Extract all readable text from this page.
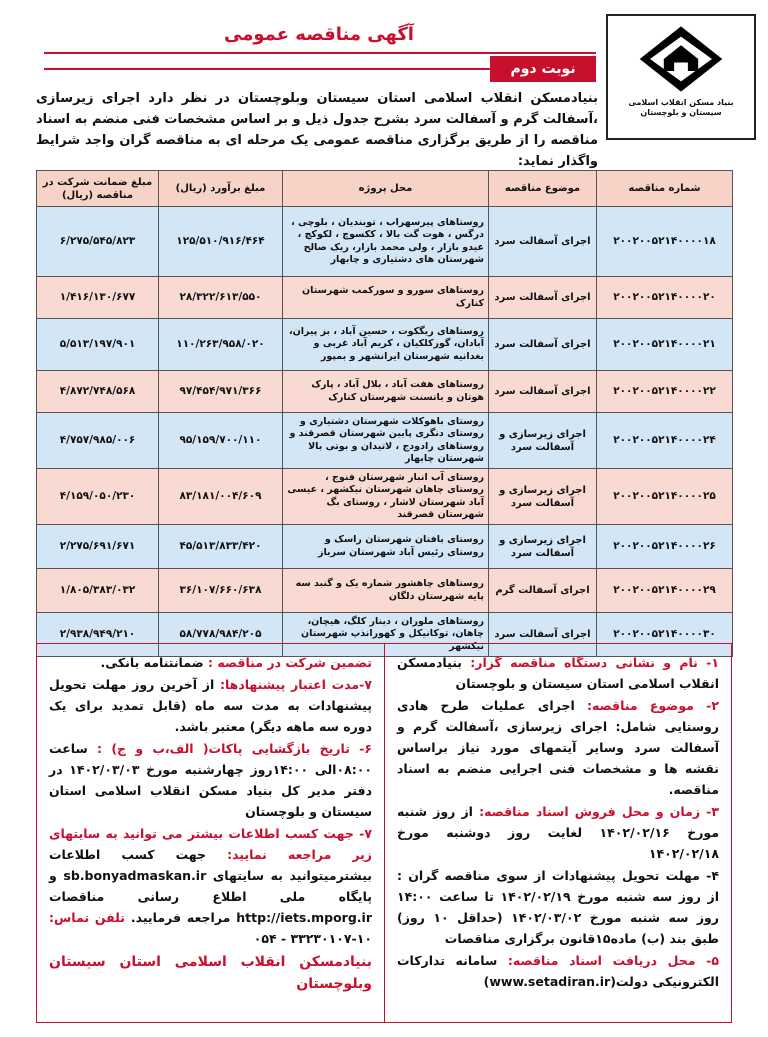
بنیاد مسکن انقلاب اسلامی
سیستان و بلوچستان
آگهی مناقصه عمومی
نوبت دوم
بنیادمسکن انقلاب اسلامی استان سیستان وبلوچستان در نظر دارد اجرای زیرسازی ،آسفالت گرم و آسفالت سرد بشرح جدول ذیل و بر اساس مشخصات فنی منضم به اسناد مناقصه را از طریق برگزاری مناقصه عمومی یک مرحله ای به مناقصه گران واجد شرایط واگذار نماید:
شماره مناقصه	موضوع مناقصه	محل پروژه	مبلغ برآورد (ریال)	مبلغ ضمانت شرکت در مناقصه (ریال)
۲۰۰۲۰۰۵۲۱۴۰۰۰۰۱۸	اجرای آسفالت سرد	روستاهای پیرسهراب ، توبندیان ، بلوچی ، درگس ، هوت گت بالا ، ککسوچ ، لکوکچ ، عیدو بازار ، ولی محمد بازار، ریک صالح شهرستان های دشتیاری و چابهار	۱۲۵/۵۱۰/۹۱۶/۴۶۴	۶/۲۷۵/۵۴۵/۸۲۳
۲۰۰۲۰۰۵۲۱۴۰۰۰۰۲۰	اجرای آسفالت سرد	روستاهای سورو و سورکمب شهرستان کنارک	۲۸/۳۲۲/۶۱۳/۵۵۰	۱/۴۱۶/۱۳۰/۶۷۷
۲۰۰۲۰۰۵۲۱۴۰۰۰۰۲۱	اجرای آسفالت سرد	روستاهای ریگکوت ، حسین آباد ، بز پیران، آبادان، گورکلکیان ، کریم آباد غربی و بغدانیه شهرستان ایرانشهر و بمپور	۱۱۰/۲۶۳/۹۵۸/۰۲۰	۵/۵۱۳/۱۹۷/۹۰۱
۲۰۰۲۰۰۵۲۱۴۰۰۰۰۲۲	اجرای آسفالت سرد	روستاهای هفت آباد ، بلال آباد ، پارک هوتان و باتسنت شهرستان کنارک	۹۷/۴۵۴/۹۷۱/۳۶۶	۴/۸۷۲/۷۴۸/۵۶۸
۲۰۰۲۰۰۵۲۱۴۰۰۰۰۲۴	اجرای زیرسازی و آسفالت سرد	روستای باهوکلات شهرستان دشتیاری و روستای دنگری پایین شهرستان قصرقند و روستاهای رادودج ، لاتیدان و بوتی بالا شهرستان چابهار	۹۵/۱۵۹/۷۰۰/۱۱۰	۴/۷۵۷/۹۸۵/۰۰۶
۲۰۰۲۰۰۵۲۱۴۰۰۰۰۲۵	اجرای زیرسازی و آسفالت سرد	روستای آب انبار شهرستان فنوج ، روستای چاهان شهرستان نیکشهر ، عیسی آباد شهرستان لاشار ، روستای بگ شهرستان قصرقند	۸۳/۱۸۱/۰۰۴/۶۰۹	۴/۱۵۹/۰۵۰/۲۳۰
۲۰۰۲۰۰۵۲۱۴۰۰۰۰۲۶	اجرای زیرسازی و آسفالت سرد	روستای بافتان شهرستان راسک و روستای رئیس آباد شهرستان سرباز	۴۵/۵۱۳/۸۳۳/۴۲۰	۲/۲۷۵/۶۹۱/۶۷۱
۲۰۰۲۰۰۵۲۱۴۰۰۰۰۲۹	اجرای آسفالت گرم	روستاهای چاهشور شماره یک و گنبد سه پایه شهرستان دلگان	۳۶/۱۰۷/۶۶۰/۶۳۸	۱/۸۰۵/۳۸۳/۰۳۲
۲۰۰۲۰۰۵۲۱۴۰۰۰۰۳۰	اجرای آسفالت سرد	روستاهای ملوران ، دینار کلگ، هیچان، چاهان، توکانیکل و کهورانذپ شهرستان نیکشهر	۵۸/۷۷۸/۹۸۴/۲۰۵	۲/۹۳۸/۹۴۹/۲۱۰

۱- نام و نشانی دستگاه مناقصه گزار: بنیادمسکن انقلاب اسلامی استان سیستان و بلوچستان

۲- موضوع مناقصه: اجرای عملیات طرح هادی روستایی شامل: اجرای زیرسازی ،آسفالت گرم و آسفالت سرد وسایر آیتمهای مورد نیاز براساس نقشه ها و مشخصات فنی اجرایی منضم به اسناد مناقصه.

۳- زمان و محل فروش اسناد مناقصه: از روز شنبه مورخ ۱۴۰۲/۰۲/۱۶ لغایت روز دوشنبه مورخ ۱۴۰۲/۰۲/۱۸

۴- مهلت تحویل پیشنهادات از سوی مناقصه گران : از روز سه شنبه مورخ ۱۴۰۲/۰۲/۱۹ تا ساعت ۱۴:۰۰ روز سه شنبه مورخ ۱۴۰۲/۰۳/۰۲ (حداقل ۱۰ روز) طبق بند (ب) ماده۱۵قانون برگزاری مناقصات

۵- محل دریافت اسناد مناقصه: سامانه تدارکات الکترونیکی دولت(www.setadiran.ir)

تضمین شرکت در مناقصه : ضمانتنامه بانکی.

۷-مدت اعتبار پیشنهادها: از آخرین روز مهلت تحویل پیشنهادات به مدت سه ماه (قابل تمدید برای یک دوره سه ماهه دیگر) معتبر باشد.

۶- تاریخ بازگشایی پاکات( الف،ب و ج) : ساعت ۰۸:۰۰الی ۱۴:۰۰روز چهارشنبه مورخ ۱۴۰۲/۰۳/۰۳ در دفتر مدیر کل بنیاد مسکن انقلاب اسلامی استان سیستان و بلوچستان

۷- جهت کسب اطلاعات بیشتر می توانید به سایتهای زیر مراجعه نمایید: جهت کسب اطلاعات بیشترمیتوانید به سایتهای sb.bonyadmaskan.ir و پایگاه ملی اطلاع رسانی مناقصات http://iets.mporg.ir مراجعه فرمایید. تلفن تماس: ۰۵۴ - ۳۳۲۳۰۱۰۷-۱۰

بنیادمسکن انقلاب اسلامی استان سیستان وبلوچستان
